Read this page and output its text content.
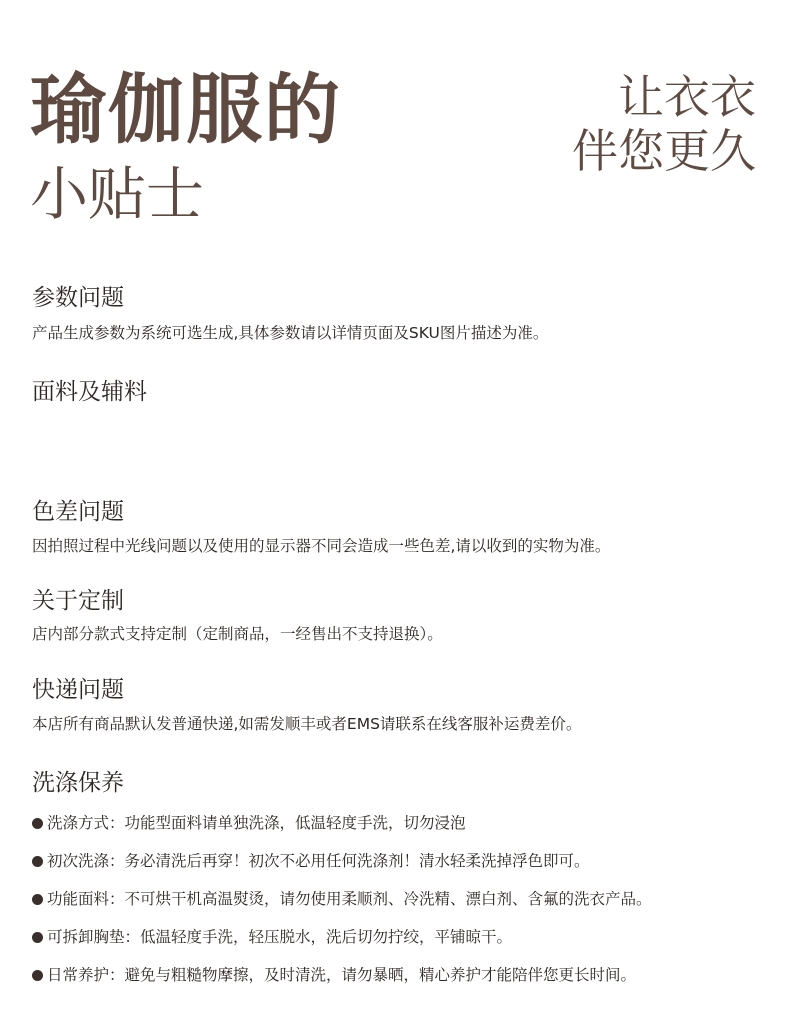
瑜伽服的
小贴士
让衣衣
伴您更久
参数问题
产品生成参数为系统可选生成,具体参数请以详情页面及SKU图片描述为准。
面料及辅料
色差问题
因拍照过程中光线问题以及使用的显示器不同会造成一些色差,请以收到的实物为准。
关于定制
店内部分款式支持定制（定制商品，一经售出不支持退换）。
快递问题
本店所有商品默认发普通快递,如需发顺丰或者EMS请联系在线客服补运费差价。
洗涤保养
洗涤方式：功能型面料请单独洗涤，低温轻度手洗，切勿浸泡
初次洗涤：务必清洗后再穿！初次不必用任何洗涤剂！清水轻柔洗掉浮色即可。
功能面料：不可烘干机高温熨烫，请勿使用柔顺剂、冷洗精、漂白剂、含氟的洗衣产品。
可拆卸胸垫：低温轻度手洗，轻压脱水，洗后切勿拧绞，平铺晾干。
日常养护：避免与粗糙物摩擦，及时清洗，请勿暴晒，精心养护才能陪伴您更长时间。
